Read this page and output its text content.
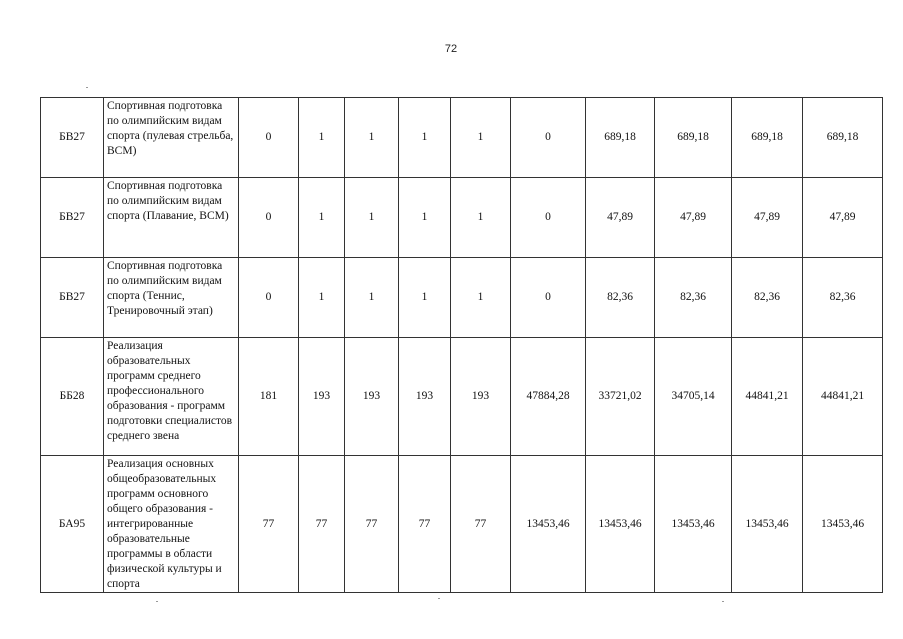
72
БВ27	Спортивная подготовка по олимпийским видам спорта (пулевая стрельба, ВСМ)	0	1	1	1	1	0	689,18	689,18	689,18	689,18
БВ27	Спортивная подготовка по олимпийским видам спорта (Плавание, ВСМ)	0	1	1	1	1	0	47,89	47,89	47,89	47,89
БВ27	Спортивная подготовка по олимпийским видам спорта (Теннис, Тренировочный этап)	0	1	1	1	1	0	82,36	82,36	82,36	82,36
ББ28	Реализация образовательных программ среднего профессионального образования - программ подготовки специалистов среднего звена	181	193	193	193	193	47884,28	33721,02	34705,14	44841,21	44841,21
БА95	Реализация основных общеобразовательных программ основного общего образования - интегрированные образовательные программы в области физической культуры и спорта	77	77	77	77	77	13453,46	13453,46	13453,46	13453,46	13453,46
